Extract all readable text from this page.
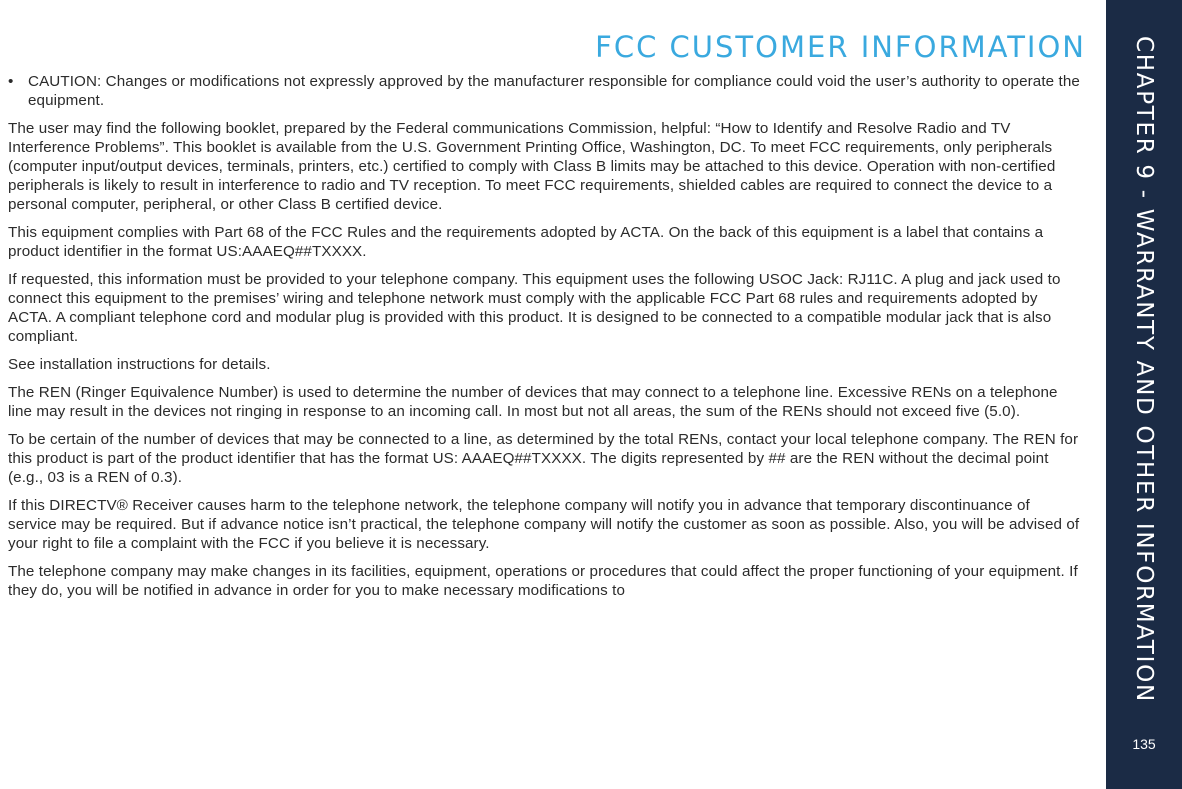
FCC CUSTOMER INFORMATION
• CAUTION: Changes or modifications not expressly approved by the manufacturer responsible for compliance could void the user’s authority to operate the equipment.

The user may find the following booklet, prepared by the Federal communications Commission, helpful: “How to Identify and Resolve Radio and TV Interference Problems”. This booklet is available from the U.S. Government Printing Office, Washington, DC. To meet FCC requirements, only peripherals (computer input/output devices, terminals, printers, etc.) certified to comply with Class B limits may be attached to this device. Operation with non-certified peripherals is likely to result in interference to radio and TV reception. To meet FCC requirements, shielded cables are required to connect the device to a personal computer, peripheral, or other Class B certified device.

This equipment complies with Part 68 of the FCC Rules and the requirements adopted by ACTA. On the back of this equipment is a label that contains a product identifier in the format US:AAAEQ##TXXXX.

If requested, this information must be provided to your telephone company. This equipment uses the following USOC Jack: RJ11C. A plug and jack used to connect this equipment to the premises’ wiring and telephone network must comply with the applicable FCC Part 68 rules and requirements adopted by ACTA. A compliant telephone cord and modular plug is provided with this product. It is designed to be connected to a compatible modular jack that is also compliant.

See installation instructions for details.

The REN (Ringer Equivalence Number) is used to determine the number of devices that may connect to a telephone line. Excessive RENs on a telephone line may result in the devices not ringing in response to an incoming call. In most but not all areas, the sum of the RENs should not exceed five (5.0).

To be certain of the number of devices that may be connected to a line, as determined by the total RENs, contact your local telephone company. The REN for this product is part of the product identifier that has the format US: AAAEQ##TXXXX. The digits represented by ## are the REN without the decimal point (e.g., 03 is a REN of 0.3).

If this DIRECTV® Receiver causes harm to the telephone network, the telephone company will notify you in advance that temporary discontinuance of service may be required. But if advance notice isn’t practical, the telephone company will notify the customer as soon as possible. Also, you will be advised of your right to file a complaint with the FCC if you believe it is necessary.

The telephone company may make changes in its facilities, equipment, operations or procedures that could affect the proper functioning of your equipment. If they do, you will be notified in advance in order for you to make necessary modifications to	CHAPTER 9 - WARRANTY AND OTHER INFORMATION
135
